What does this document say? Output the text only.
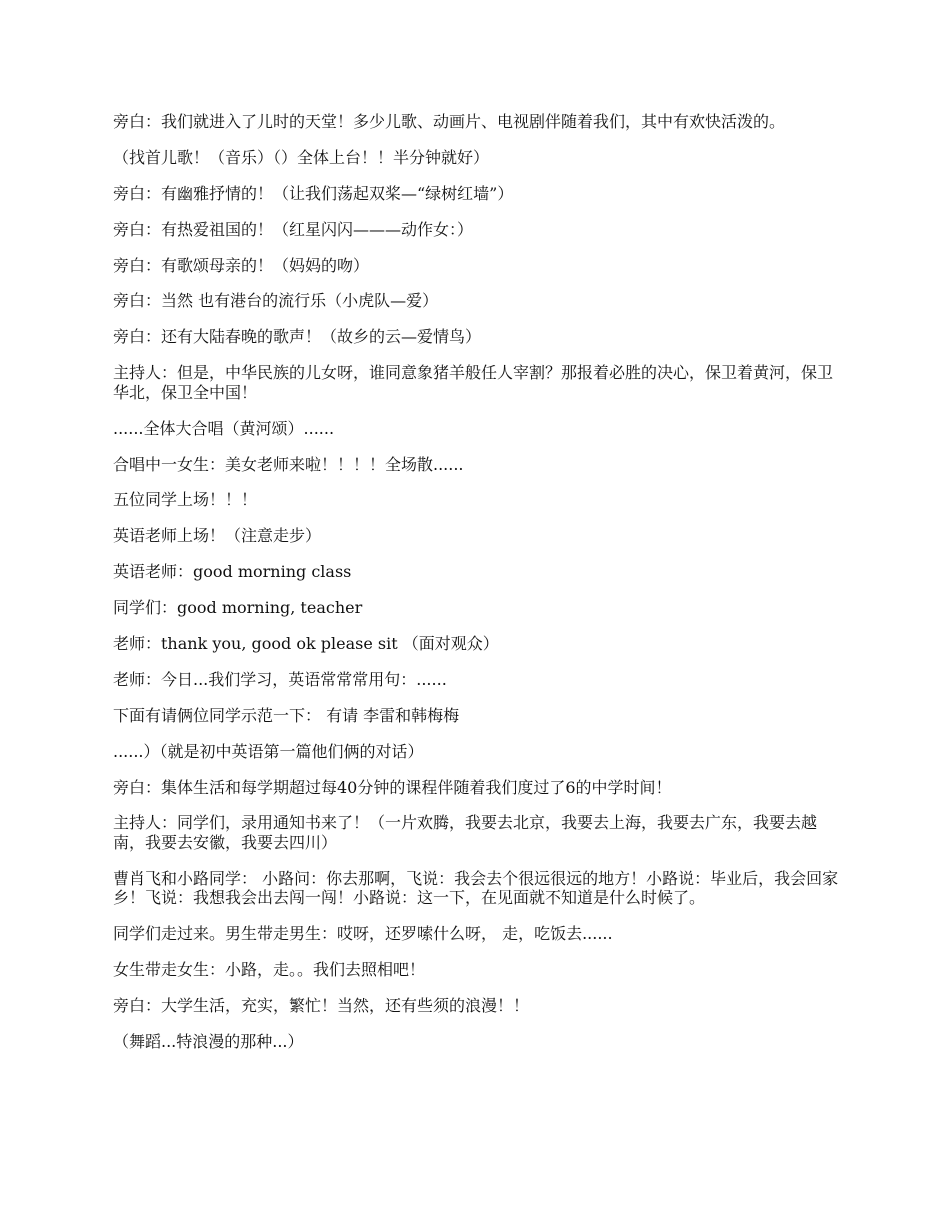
旁白：我们就进入了儿时的天堂！多少儿歌、动画片、电视剧伴随着我们，其中有欢快活泼的。

（找首儿歌！（音乐）（）全体上台！！半分钟就好）

旁白：有幽雅抒情的！（让我们荡起双桨—“绿树红墙”）

旁白：有热爱祖国的！（红星闪闪———动作女：）

旁白：有歌颂母亲的！（妈妈的吻）

旁白：当然 也有港台的流行乐（小虎队—爱）

旁白：还有大陆春晚的歌声！（故乡的云—爱情鸟）

主持人：但是，中华民族的儿女呀，谁同意象猪羊般任人宰割？那报着必胜的决心，保卫着黄河，保卫华北，保卫全中国！

......全体大合唱（黄河颂）......

合唱中一女生：美女老师来啦！！！！全场散......

五位同学上场！！！

英语老师上场！（注意走步）

英语老师：good morning class

同学们：good morning, teacher

老师：thank you, good ok please sit （面对观众）

老师：今日...我们学习，英语常常常用句：......

下面有请俩位同学示范一下： 有请 李雷和韩梅梅

......）（就是初中英语第一篇他们俩的对话）

旁白：集体生活和每学期超过每40分钟的课程伴随着我们度过了6的中学时间！

主持人：同学们，录用通知书来了！（一片欢腾，我要去北京，我要去上海，我要去广东，我要去越南，我要去安徽，我要去四川）

曹肖飞和小路同学： 小路问：你去那啊，飞说：我会去个很远很远的地方！小路说：毕业后，我会回家乡！飞说：我想我会出去闯一闯！小路说：这一下，在见面就不知道是什么时候了。

同学们走过来。男生带走男生：哎呀，还罗嗦什么呀， 走，吃饭去......

女生带走女生：小路，走。。我们去照相吧！

旁白：大学生活，充实，繁忙！当然，还有些须的浪漫！！

（舞蹈...特浪漫的那种...）
